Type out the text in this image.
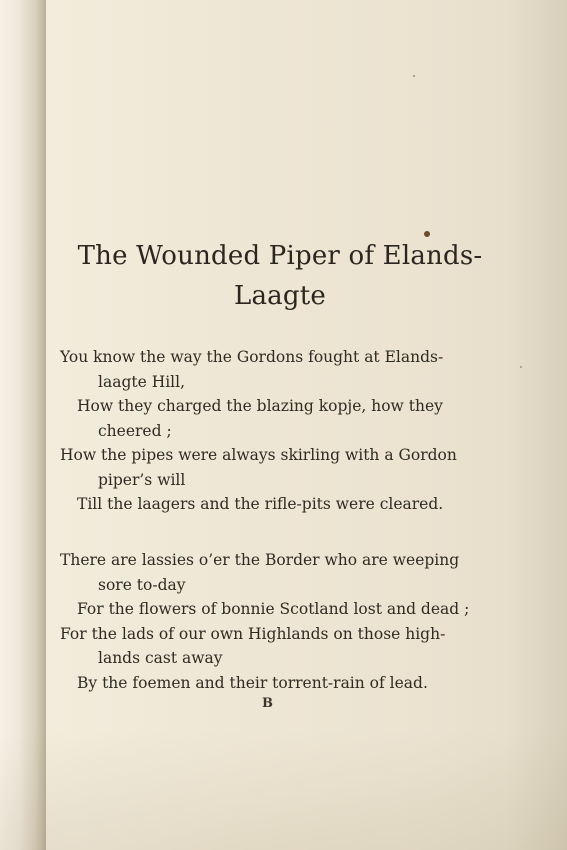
The Wounded Piper of Elands-
Laagte
You know the way the Gordons fought at Elands-
laagte Hill,
How they charged the blazing kopje, how they
cheered ;
How the pipes were always skirling with a Gordon
piper’s will
Till the laagers and the rifle-pits were cleared.
There are lassies o’er the Border who are weeping
sore to-day
For the flowers of bonnie Scotland lost and dead ;
For the lads of our own Highlands on those high-
lands cast away
By the foemen and their torrent-rain of lead.
B
